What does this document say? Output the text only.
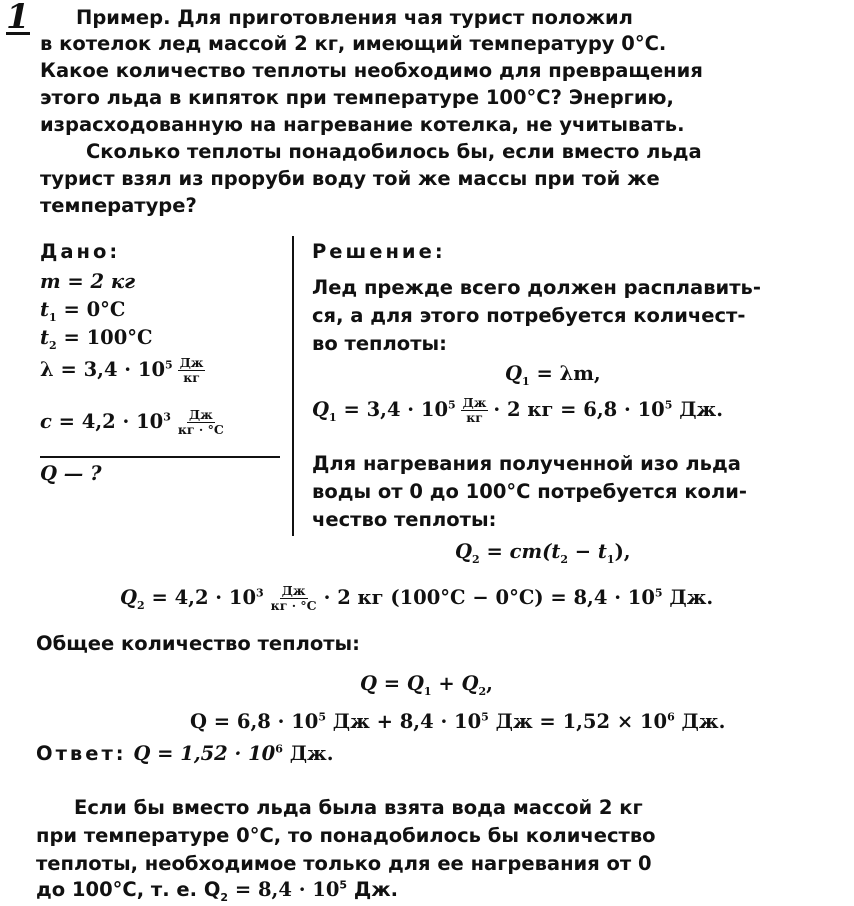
1 Пример. Для приготовления чая турист положил
в котелок лед массой 2 кг, имеющий температуру 0°С.
Какое количество теплоты необходимо для превращения
этого льда в кипяток при температуре 100°С? Энергию,
израсходованную на нагревание котелка, не учитывать.
Сколько теплоты понадобилось бы, если вместо льда
турист взял из проруби воду той же массы при той же
температуре?
Дано:
m = 2 кг
$t_1 = 0^\circ С$
$t_2 = 100^\circ С$
$\lambda = 3,4 \cdot 10^5 \frac{Дж}{кг}$
$c = 4,2 \cdot 10^3 \frac{Дж}{кг \cdot ^\circ С}$
Q — ?
Решение:
Лед прежде всего должен расплавить-
ся, а для этого потребуется количест-
во теплоты:
$Q_1 = \lambda m$,
$Q_1 = 3,4 \cdot 10^5 \frac{Дж}{кг} \cdot 2$ кг = $6,8 \cdot 10^5$ Дж.
Для нагревания полученной изо льда
воды от 0 до 100°С потребуется коли-
чество теплоты:
$Q_2 = cm(t_2 - t_1)$,
$Q_2 = 4,2 \cdot 10^3 \frac{Дж}{кг \cdot ^\circ С} \cdot 2$ кг $(100^\circ С - 0^\circ С) = 8,4 \cdot 10^5$ Дж.
Общее количество теплоты:
$Q = Q_1 + Q_2$,
$Q = 6,8 \cdot 10^5$ Дж + $8,4 \cdot 10^5$ Дж = $1,52 \times 10^6$ Дж.
Ответ: $Q = 1,52 \cdot 10^6$ Дж.
Если бы вместо льда была взята вода массой 2 кг
при температуре 0°С, то понадобилось бы количество
теплоты, необходимое только для ее нагревания от 0
до 100°С, т. е. $Q_2 = 8,4 \cdot 10^5$ Дж.
